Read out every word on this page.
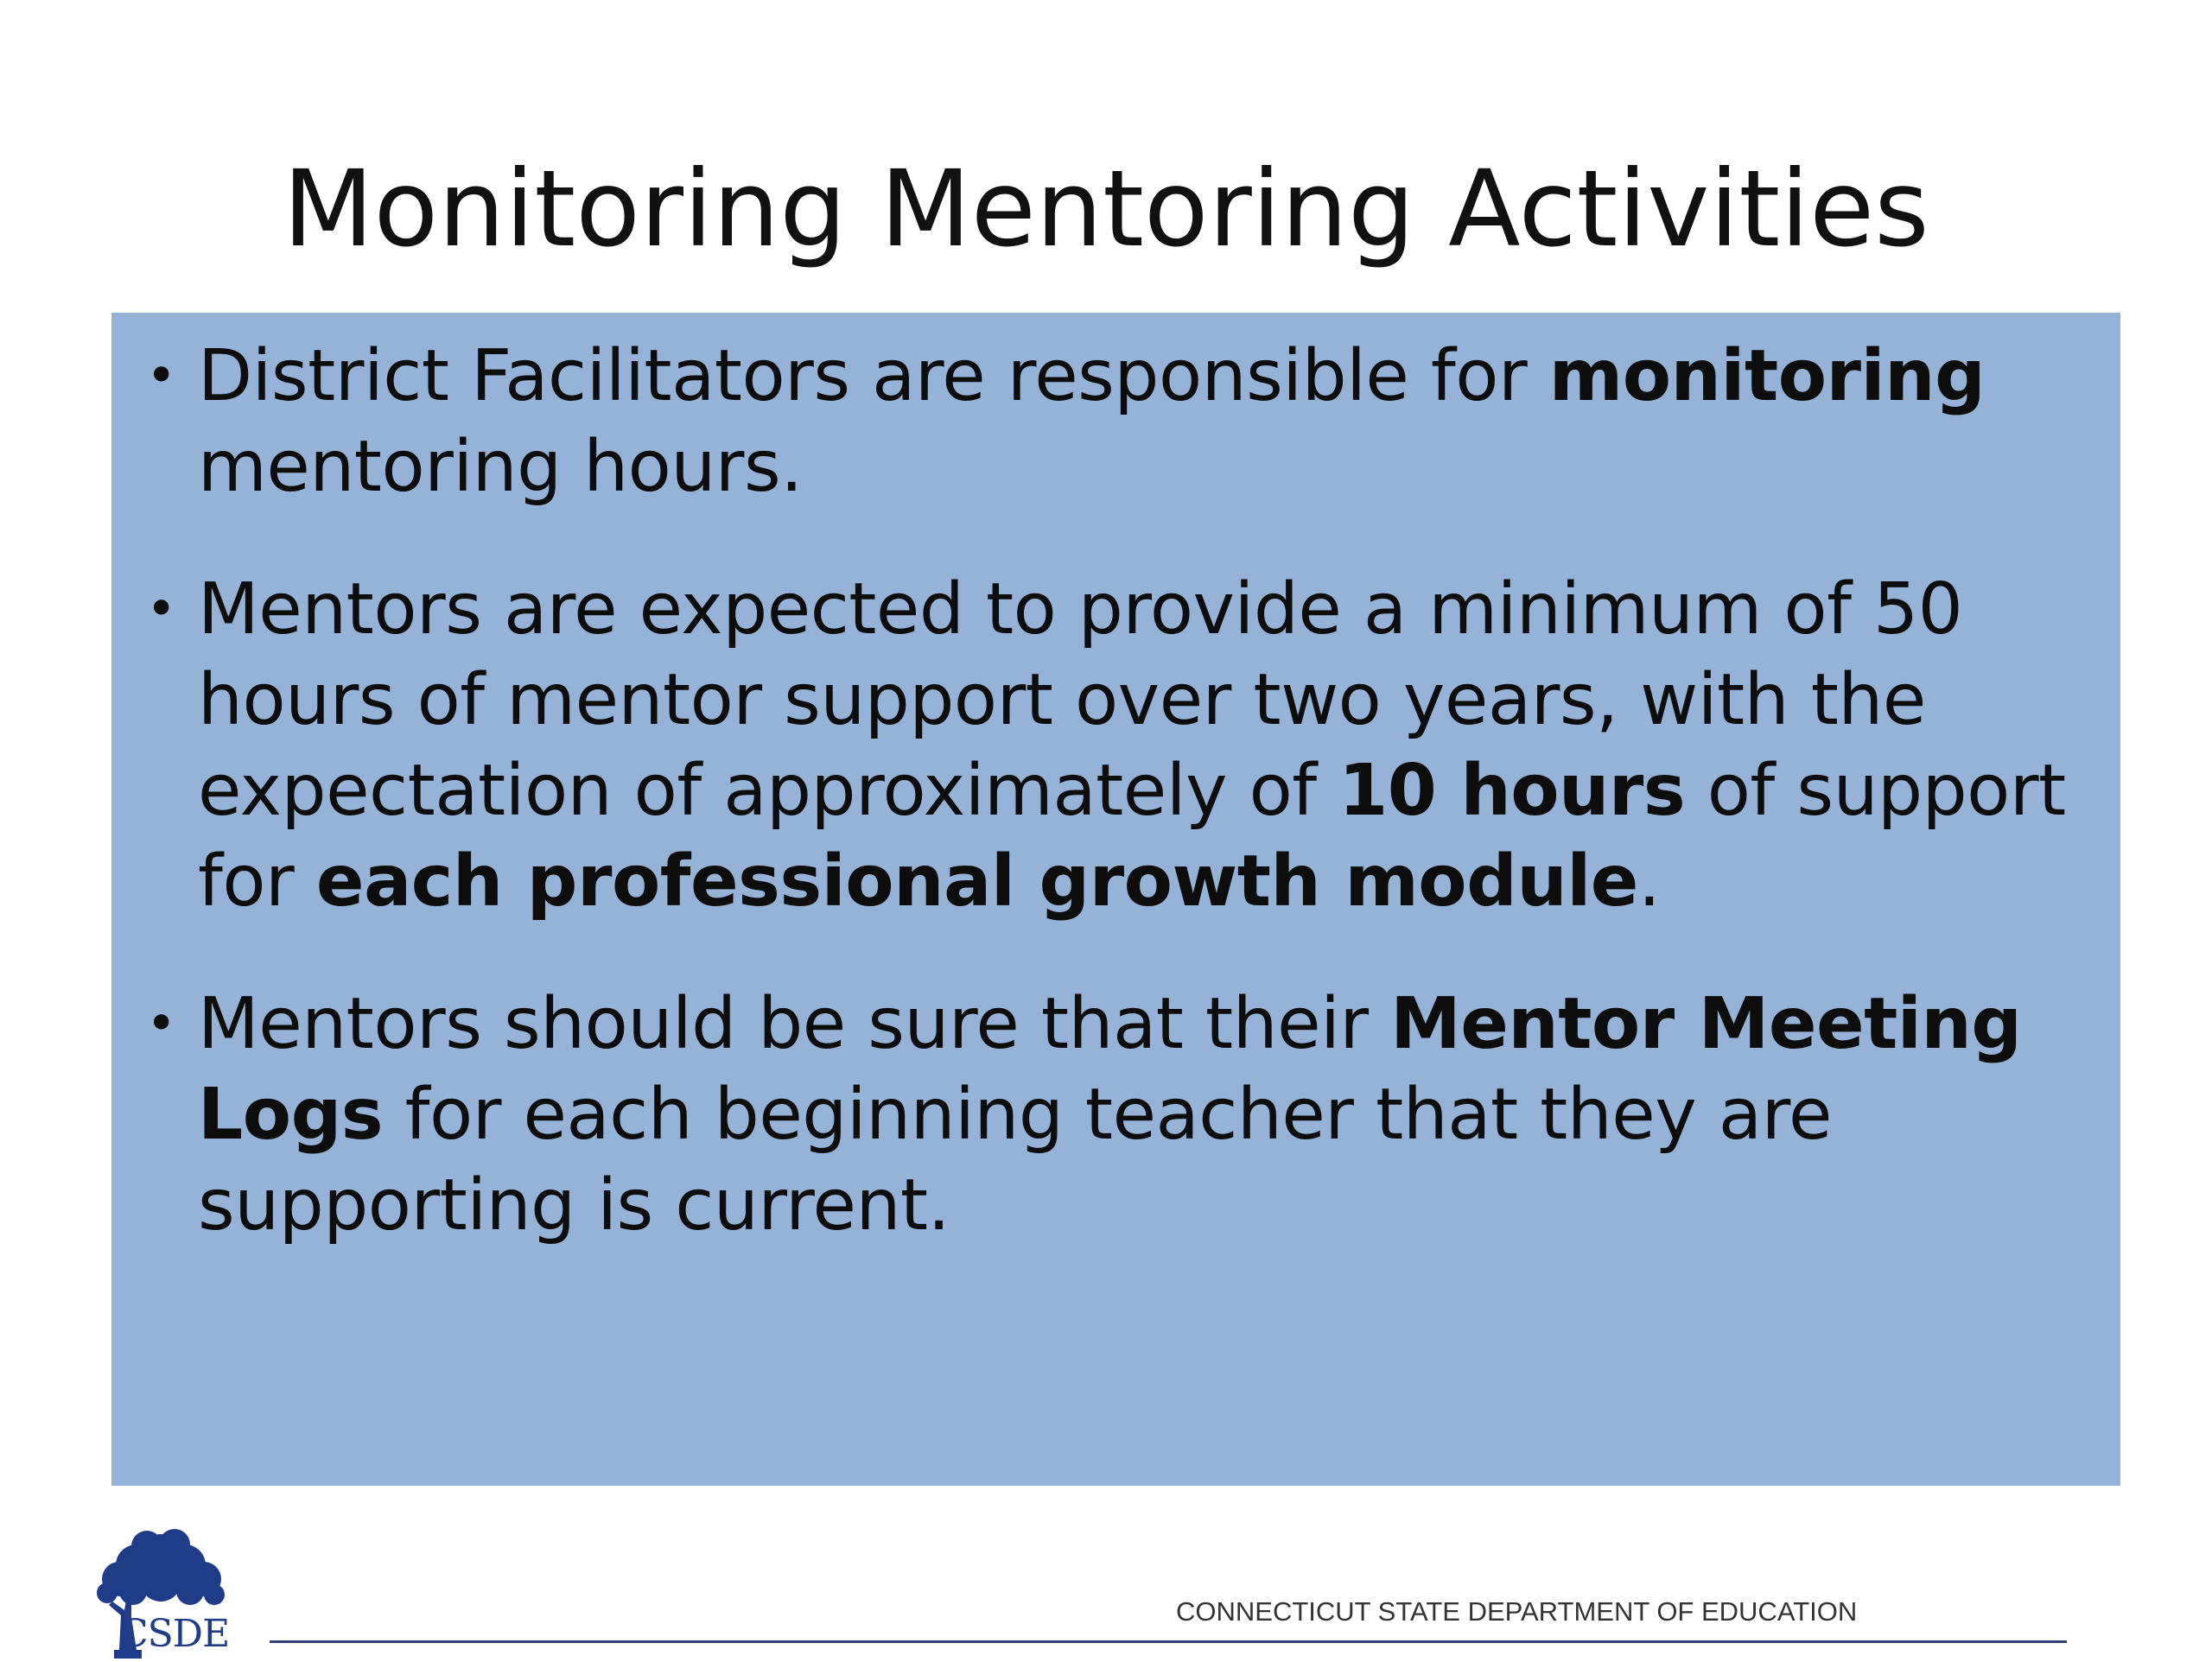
Monitoring Mentoring Activities
• District Facilitators are responsible for monitoring mentoring hours.
• Mentors are expected to provide a minimum of 50 hours of mentor support over two years, with the expectation of approximately of 10 hours of support for each professional growth module.
• Mentors should be sure that their Mentor Meeting Logs for each beginning teacher that they are supporting is current.
CSDE
CONNECTICUT STATE DEPARTMENT OF EDUCATION
